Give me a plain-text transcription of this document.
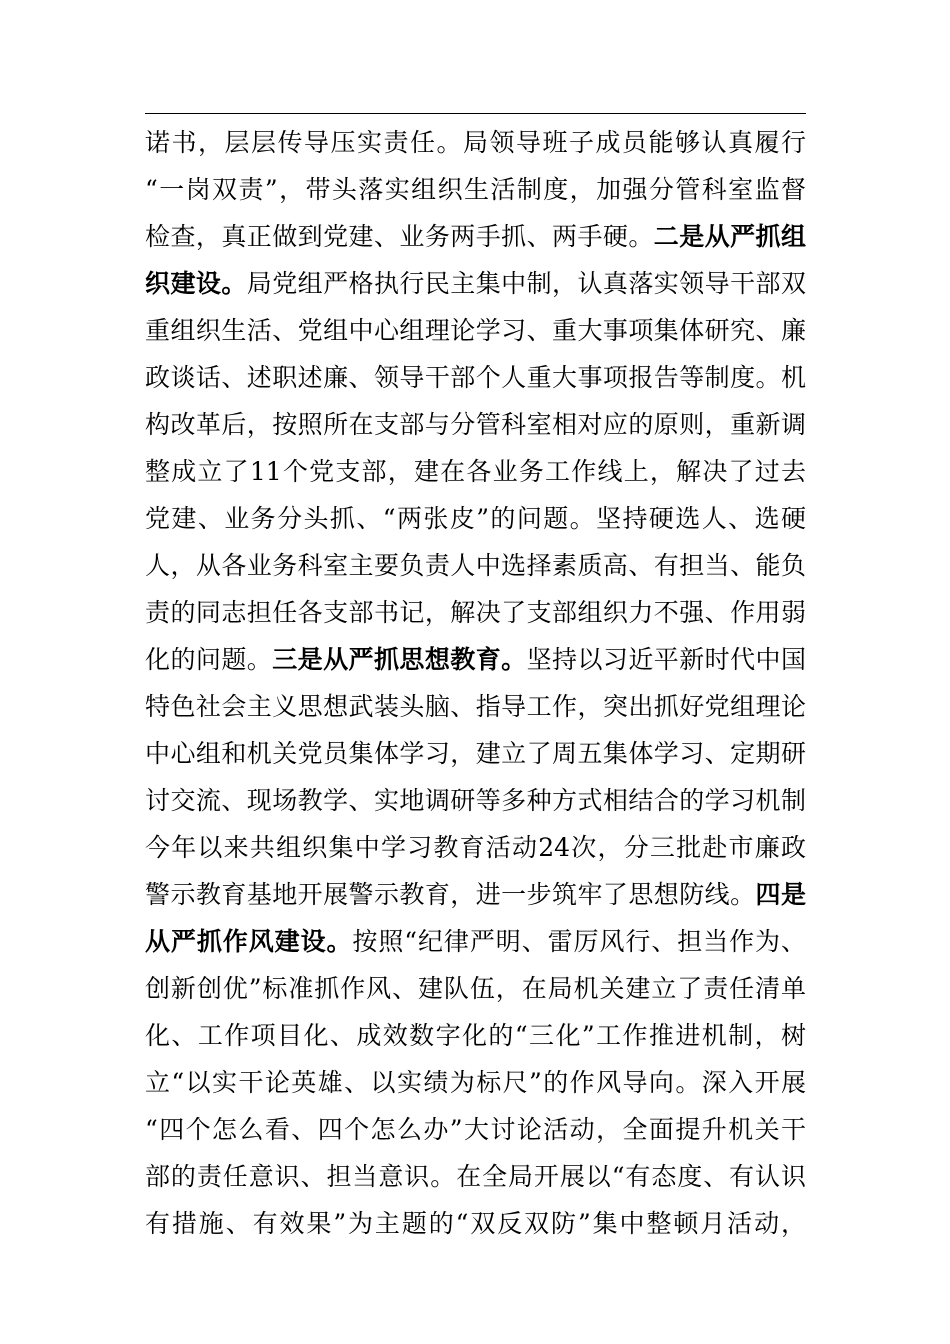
诺书，层层传导压实责任。局领导班子成员能够认真履行
“一岗双责”，带头落实组织生活制度，加强分管科室监督
检查，真正做到党建、业务两手抓、两手硬。二是从严抓组
织建设。局党组严格执行民主集中制，认真落实领导干部双
重组织生活、党组中心组理论学习、重大事项集体研究、廉
政谈话、述职述廉、领导干部个人重大事项报告等制度。机
构改革后，按照所在支部与分管科室相对应的原则，重新调
整成立了11个党支部，建在各业务工作线上，解决了过去
党建、业务分头抓、“两张皮”的问题。坚持硬选人、选硬
人，从各业务科室主要负责人中选择素质高、有担当、能负
责的同志担任各支部书记，解决了支部组织力不强、作用弱
化的问题。三是从严抓思想教育。坚持以习近平新时代中国
特色社会主义思想武装头脑、指导工作，突出抓好党组理论
中心组和机关党员集体学习，建立了周五集体学习、定期研
讨交流、现场教学、实地调研等多种方式相结合的学习机制
今年以来共组织集中学习教育活动24次，分三批赴市廉政
警示教育基地开展警示教育，进一步筑牢了思想防线。四是
从严抓作风建设。按照“纪律严明、雷厉风行、担当作为、
创新创优”标准抓作风、建队伍，在局机关建立了责任清单
化、工作项目化、成效数字化的“三化”工作推进机制，树
立“以实干论英雄、以实绩为标尺”的作风导向。深入开展
“四个怎么看、四个怎么办”大讨论活动，全面提升机关干
部的责任意识、担当意识。在全局开展以“有态度、有认识
有措施、有效果”为主题的“双反双防”集中整顿月活动，
